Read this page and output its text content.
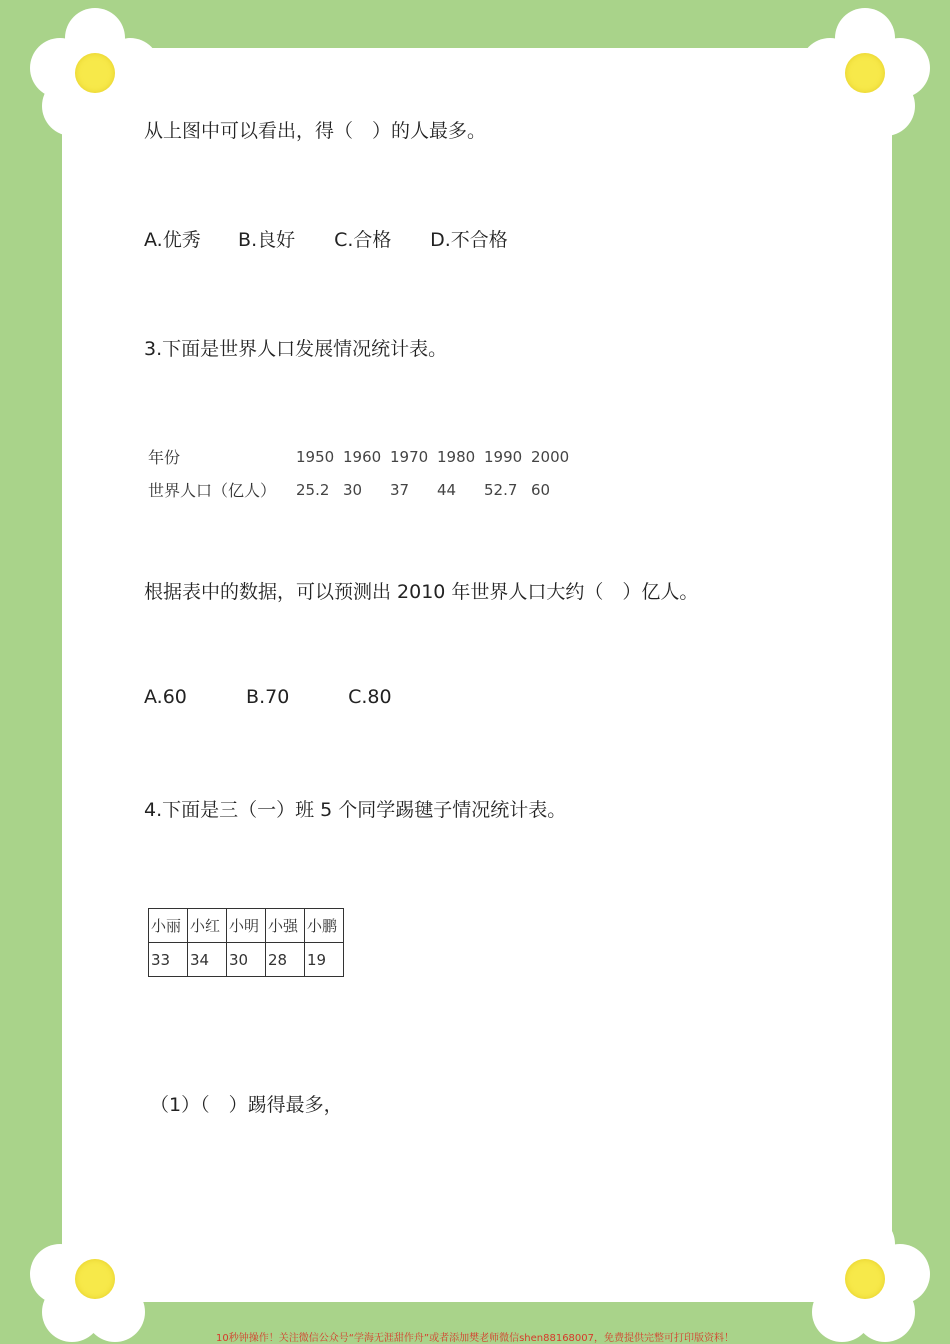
从上图中可以看出，得（　）的人最多。
A.优秀 B.良好 C.合格 D.不合格
3.下面是世界人口发展情况统计表。
年份	1950 1960 1970 1980 1990 2000
世界人口（亿人）	25.2 30	37	44	52.7 60
根据表中的数据，可以预测出 2010 年世界人口大约（　）亿人。
A.60	B.70	C.80
4.下面是三（一）班 5 个同学踢毽子情况统计表。
小丽	小红	小明	小强	小鹏
33	34	30	28	19
（1）（　）踢得最多，
10秒钟操作！关注微信公众号“学海无涯甜作舟”或者添加樊老师微信shen88168007，免费提供完整可打印版资料！
